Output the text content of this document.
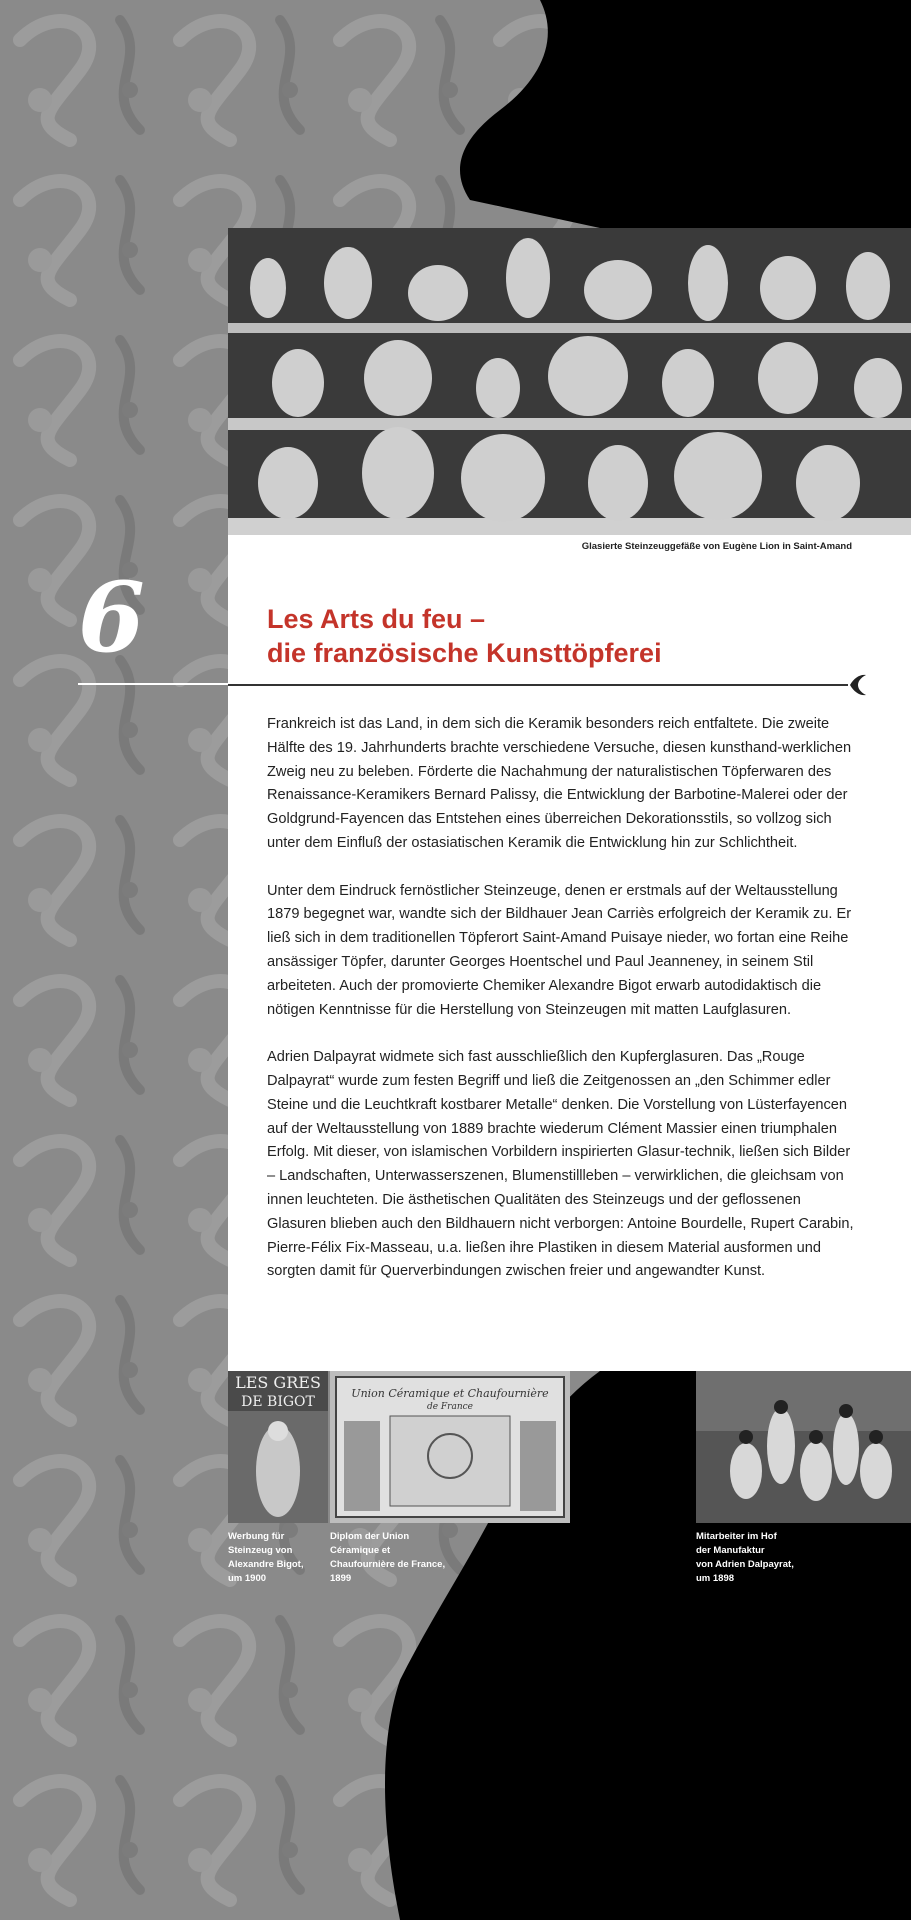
Glasierte Steinzeuggefäße von Eugène Lion in Saint-Amand
6	Les Arts du feu –
die französische Kunsttöpferei

Frankreich ist das Land, in dem sich die Keramik besonders reich entfaltete. Die zweite Hälfte des 19. Jahrhunderts brachte verschiedene Versuche, diesen kunsthand-werklichen Zweig neu zu beleben. Förderte die Nachahmung der naturalistischen Töpferwaren des Renaissance-Keramikers Bernard Palissy, die Entwicklung der Barbotine-Malerei oder der Goldgrund-Fayencen das Entstehen eines überreichen Dekorationsstils, so vollzog sich unter dem Einfluß der ostasiatischen Keramik die Entwicklung hin zur Schlichtheit.

Unter dem Eindruck fernöstlicher Steinzeuge, denen er erstmals auf der Weltausstellung 1879 begegnet war, wandte sich der Bildhauer Jean Carriès erfolgreich der Keramik zu. Er ließ sich in dem traditionellen Töpferort Saint-Amand Puisaye nieder, wo fortan eine Reihe ansässiger Töpfer, darunter Georges Hoentschel und Paul Jeanneney, in seinem Stil arbeiteten. Auch der promovierte Chemiker Alexandre Bigot erwarb autodidaktisch die nötigen Kenntnisse für die Herstellung von Steinzeugen mit matten Laufglasuren.

Adrien Dalpayrat widmete sich fast ausschließlich den Kupferglasuren. Das „Rouge Dalpayrat“ wurde zum festen Begriff und ließ die Zeitgenossen an „den Schimmer edler Steine und die Leuchtkraft kostbarer Metalle“ denken. Die Vorstellung von Lüsterfayencen auf der Weltausstellung von 1889 brachte wiederum Clément Massier einen triumphalen Erfolg. Mit dieser, von islamischen Vorbildern inspirierten Glasur-technik, ließen sich Bilder – Landschaften, Unterwasserszenen, Blumenstillleben – verwirklichen, die gleichsam von innen leuchteten. Die ästhetischen Qualitäten des Steinzeugs und der geflossenen Glasuren blieben auch den Bildhauern nicht verborgen: Antoine Bourdelle, Rupert Carabin, Pierre-Félix Fix-Masseau, u.a. ließen ihre Plastiken in diesem Material ausformen und sorgten damit für Querverbindungen zwischen freier und angewandter Kunst.

LES GRES
DE BIGOT
Union Céramique et Chaufournière
de France
Werbung für
Steinzeug von
Alexandre Bigot,
um 1900
Diplom der Union
Céramique et
Chaufournière de France,
1899
Mitarbeiter im Hof
der Manufaktur
von Adrien Dalpayrat,
um 1898
